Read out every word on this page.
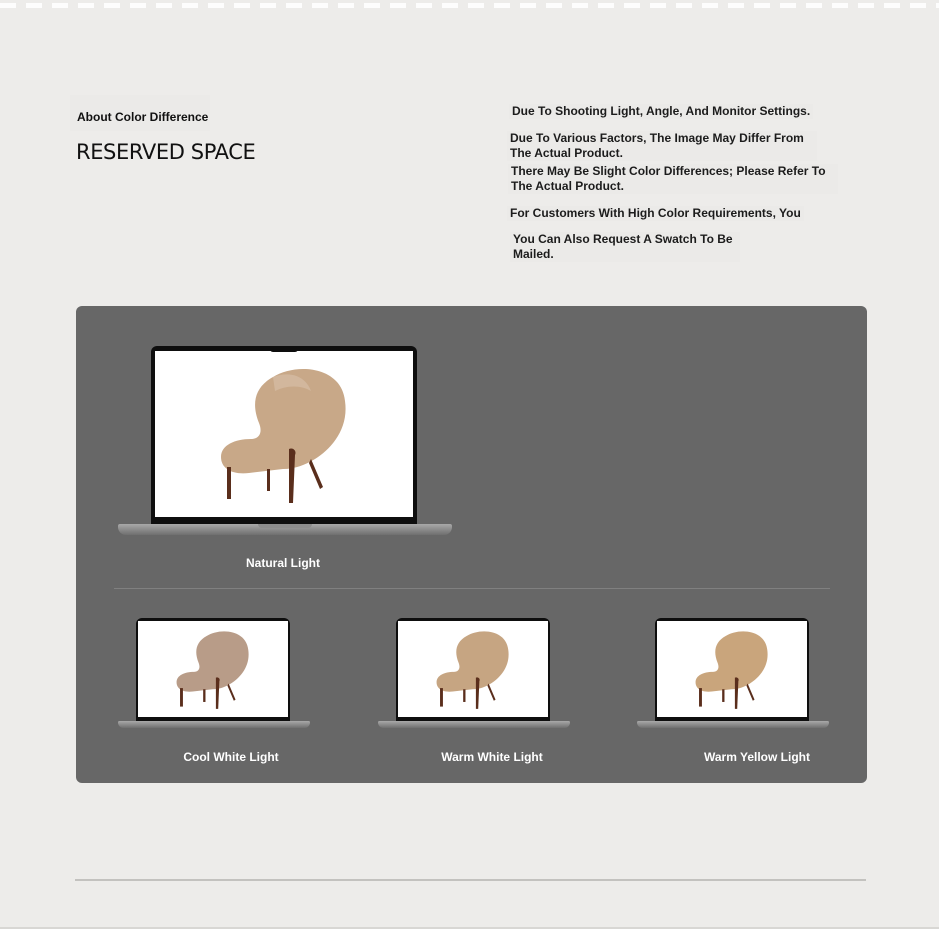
About Color Difference
RESERVED SPACE
Due To Shooting Light, Angle, And Monitor Settings.
Due To Various Factors, The Image May Differ From The Actual Product.
There May Be Slight Color Differences; Please Refer To The Actual Product.
For Customers With High Color Requirements, You
You Can Also Request A Swatch To Be Mailed.
Natural Light
Cool White Light	Warm White Light	Warm Yellow Light
